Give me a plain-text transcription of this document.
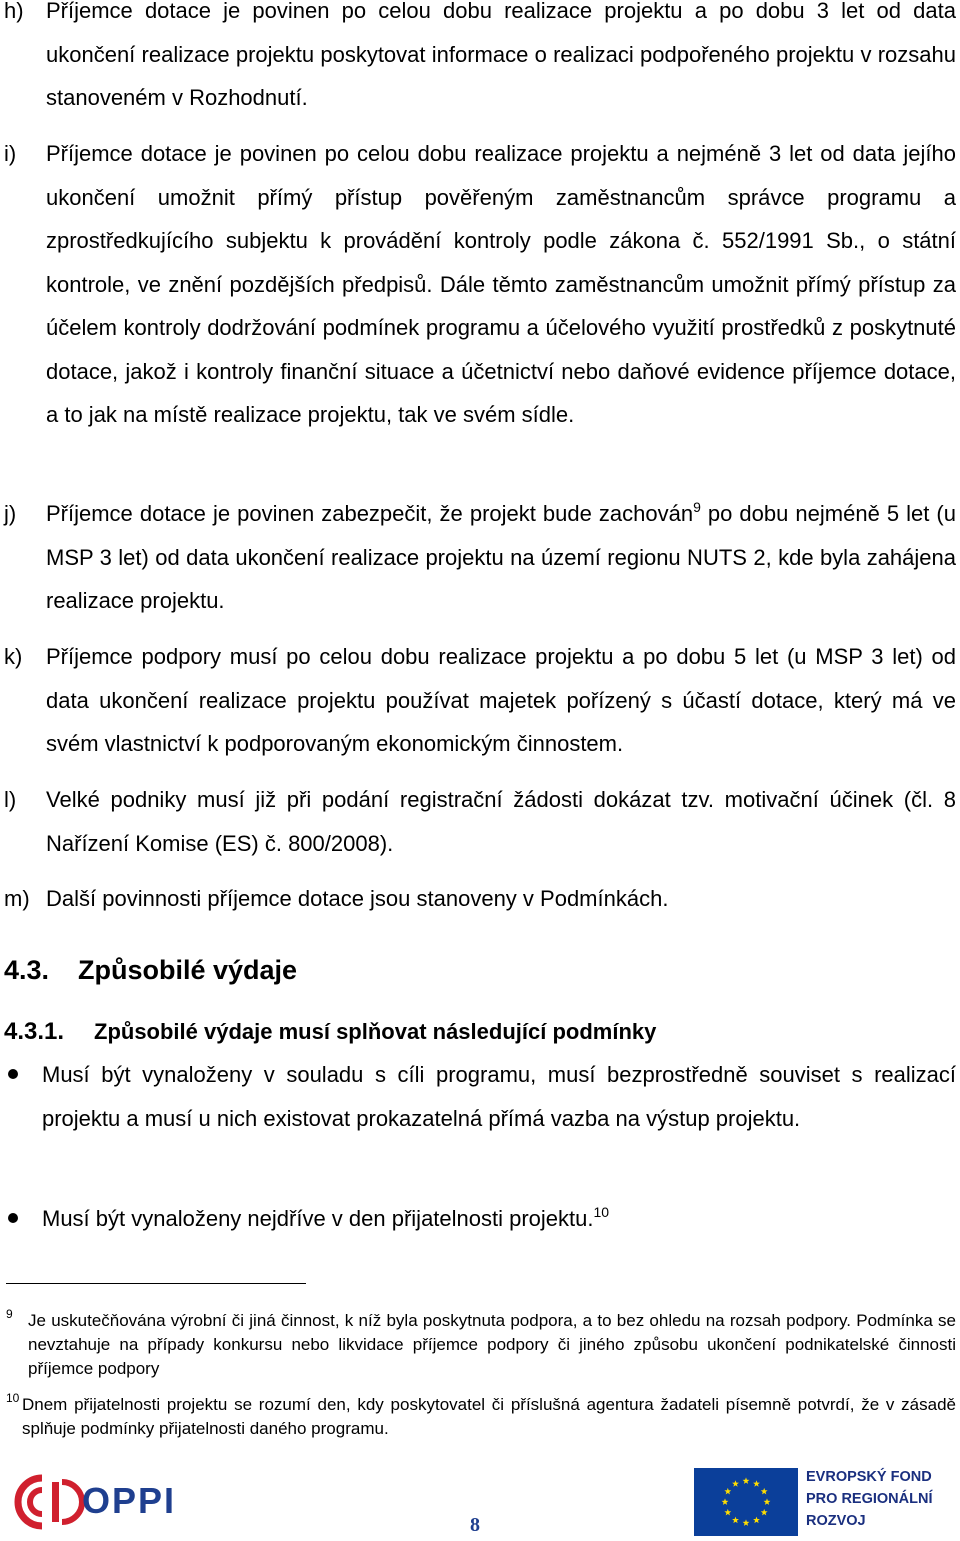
h) Příjemce dotace je povinen po celou dobu realizace projektu a po dobu 3 let od data ukončení realizace projektu poskytovat informace o realizaci podpořeného projektu v rozsahu stanoveném v Rozhodnutí.
i) Příjemce dotace je povinen po celou dobu realizace projektu a nejméně 3 let od data jejího ukončení umožnit přímý přístup pověřeným zaměstnancům správce programu a zprostředkujícího subjektu k provádění kontroly podle zákona č. 552/1991 Sb., o státní kontrole, ve znění pozdějších předpisů. Dále těmto zaměstnancům umožnit přímý přístup za účelem kontroly dodržování podmínek programu a účelového využití prostředků z poskytnuté dotace, jakož i kontroly finanční situace a účetnictví nebo daňové evidence příjemce dotace, a to jak na místě realizace projektu, tak ve svém sídle.
j) Příjemce dotace je povinen zabezpečit, že projekt bude zachován$^9$ po dobu nejméně 5 let (u MSP 3 let) od data ukončení realizace projektu na území regionu NUTS 2, kde byla zahájena realizace projektu.
k) Příjemce podpory musí po celou dobu realizace projektu a po dobu 5 let (u MSP 3 let) od data ukončení realizace projektu používat majetek pořízený s účastí dotace, který má ve svém vlastnictví k podporovaným ekonomickým činnostem.
l) Velké podniky musí již při podání registrační žádosti dokázat tzv. motivační účinek (čl. 8 Nařízení Komise (ES) č. 800/2008).
m) Další povinnosti příjemce dotace jsou stanoveny v Podmínkách.
4.3. Způsobilé výdaje
4.3.1. Způsobilé výdaje musí splňovat následující podmínky
Musí být vynaloženy v souladu s cíli programu, musí bezprostředně souviset s realizací projektu a musí u nich existovat prokazatelná přímá vazba na výstup projektu.
Musí být vynaloženy nejdříve v den přijatelnosti projektu.$^{10}$
9 Je uskutečňována výrobní či jiná činnost, k níž byla poskytnuta podpora, a to bez ohledu na rozsah podpory. Podmínka se nevztahuje na případy konkursu nebo likvidace příjemce podpory či jiného způsobu ukončení podnikatelské činnosti příjemce podpory
10 Dnem přijatelnosti projektu se rozumí den, kdy poskytovatel či příslušná agentura žadateli písemně potvrdí, že v zásadě splňuje podmínky přijatelnosti daného programu.
OPPI
8
EVROPSKÝ FOND
PRO REGIONÁLNÍ
ROZVOJ
